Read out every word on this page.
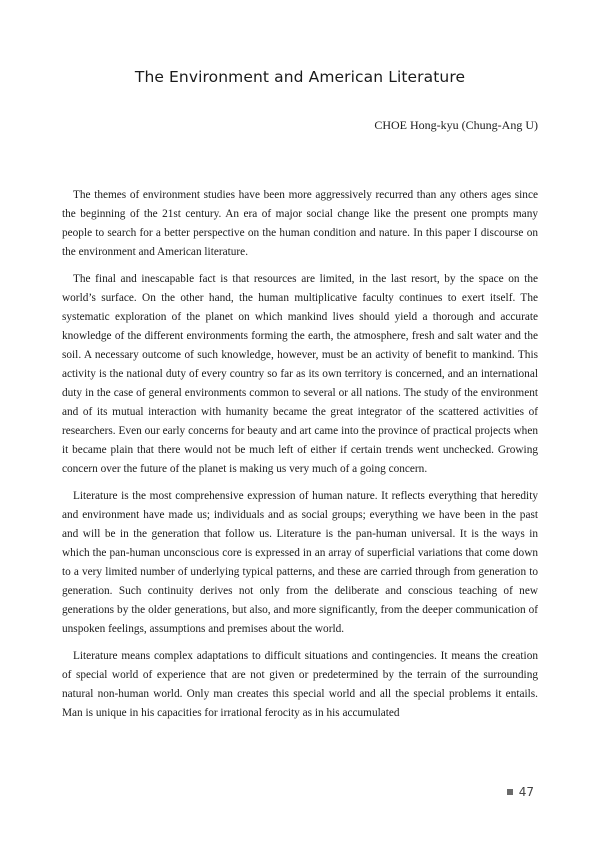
The Environment and American Literature

CHOE Hong-kyu (Chung-Ang U)

The themes of environment studies have been more aggressively recurred than any others ages since the beginning of the 21st century. An era of major social change like the present one prompts many people to search for a better perspective on the human condition and nature. In this paper I discourse on the environment and American literature.

The final and inescapable fact is that resources are limited, in the last resort, by the space on the world’s surface. On the other hand, the human multiplicative faculty continues to exert itself. The systematic exploration of the planet on which mankind lives should yield a thorough and accurate knowledge of the different environments forming the earth, the atmosphere, fresh and salt water and the soil. A necessary outcome of such knowledge, however, must be an activity of benefit to mankind. This activity is the national duty of every country so far as its own territory is concerned, and an international duty in the case of general environments common to several or all nations. The study of the environment and of its mutual interaction with humanity became the great integrator of the scattered activities of researchers. Even our early concerns for beauty and art came into the province of practical projects when it became plain that there would not be much left of either if certain trends went unchecked. Growing concern over the future of the planet is making us very much of a going concern.

Literature is the most comprehensive expression of human nature. It reflects everything that heredity and environment have made us; individuals and as social groups; everything we have been in the past and will be in the generation that follow us. Literature is the pan-human universal. It is the ways in which the pan-human unconscious core is expressed in an array of superficial variations that come down to a very limited number of underlying typical patterns, and these are carried through from generation to generation. Such continuity derives not only from the deliberate and conscious teaching of new generations by the older generations, but also, and more significantly, from the deeper communication of unspoken feelings, assumptions and premises about the world.

Literature means complex adaptations to difficult situations and contingencies. It means the creation of special world of experience that are not given or predetermined by the terrain of the surrounding natural non-human world. Only man creates this special world and all the special problems it entails. Man is unique in his capacities for irrational ferocity as in his accumulated

47
